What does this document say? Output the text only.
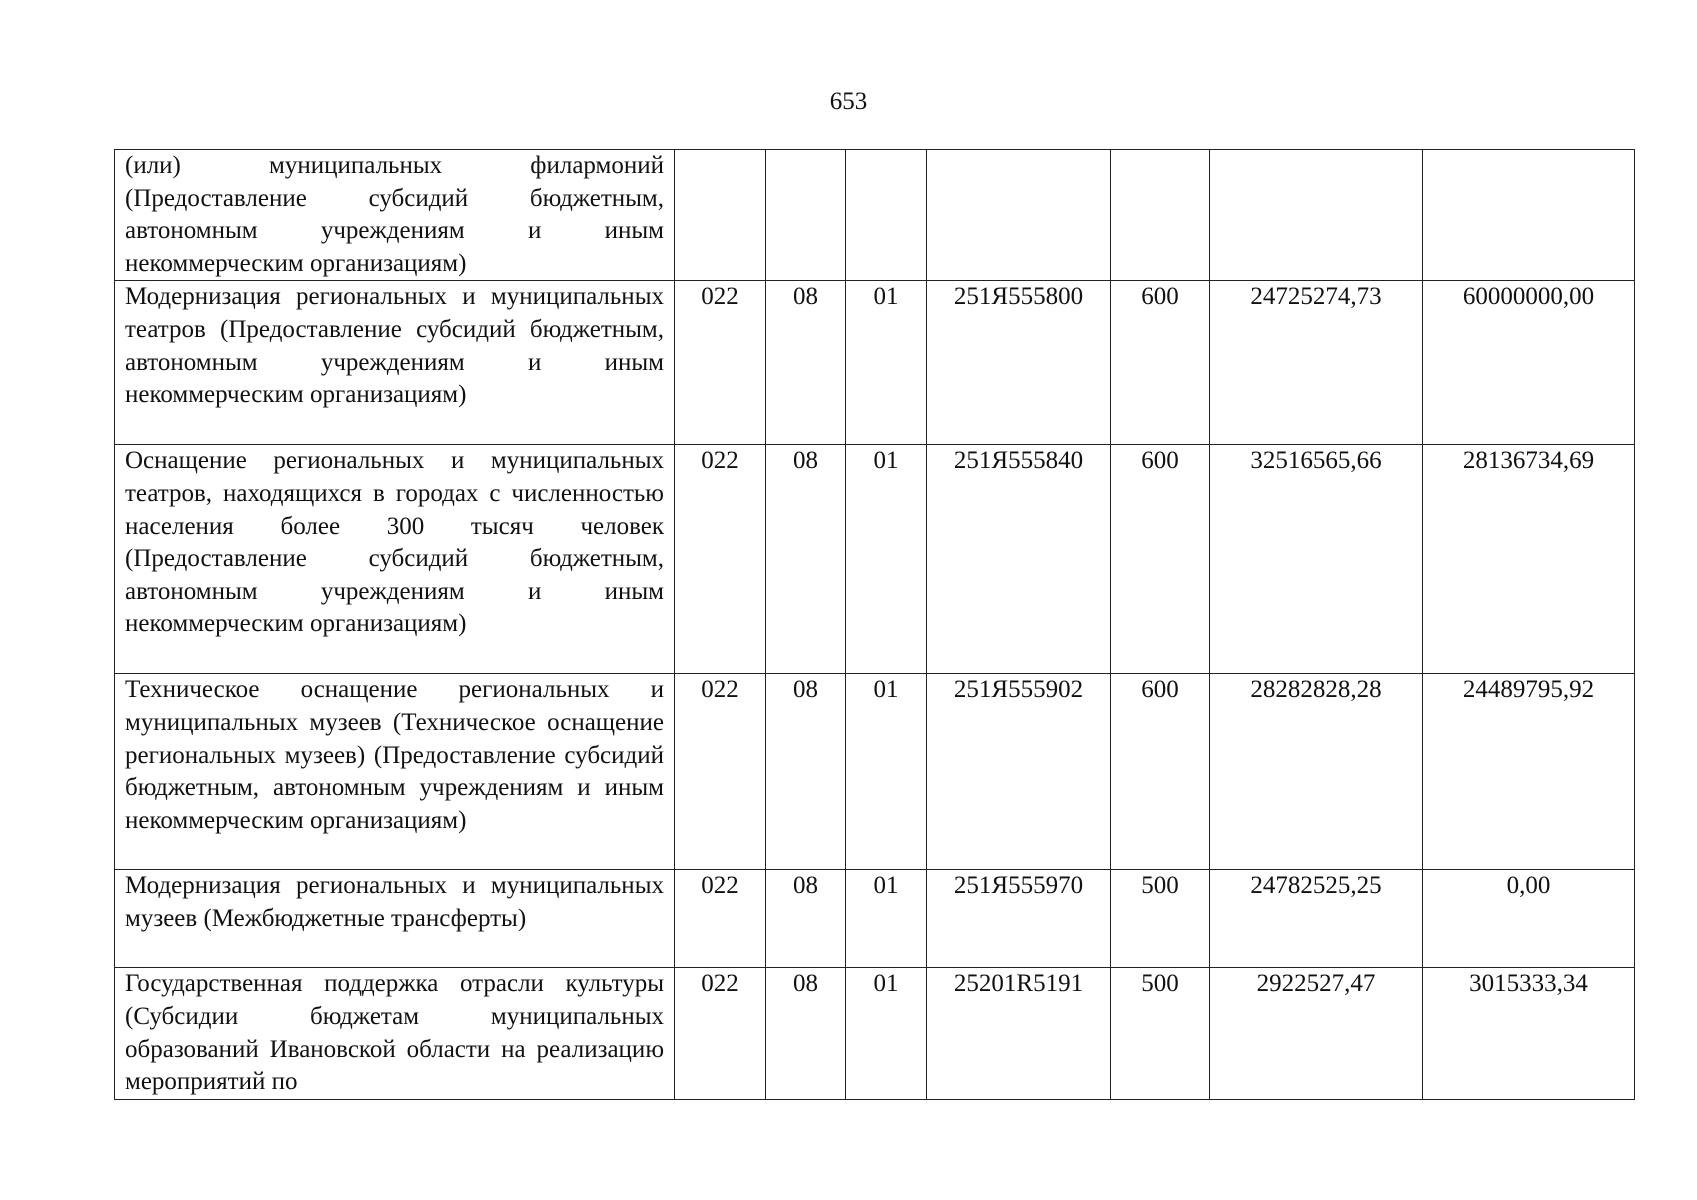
653
(или) муниципальных филармоний (Предоставление субсидий бюджетным, автономным учреждениям и иным некоммерческим организациям)							
Модернизация региональных и муниципальных театров (Предоставление субсидий бюджетным, автономным учреждениям и иным некоммерческим организациям)	022	08	01	251Я555800	600	24725274,73	60000000,00
Оснащение региональных и муниципальных театров, находящихся в городах с численностью населения более 300 тысяч человек (Предоставление субсидий бюджетным, автономным учреждениям и иным некоммерческим организациям)	022	08	01	251Я555840	600	32516565,66	28136734,69
Техническое оснащение региональных и муниципальных музеев (Техническое оснащение региональных музеев) (Предоставление субсидий бюджетным, автономным учреждениям и иным некоммерческим организациям)	022	08	01	251Я555902	600	28282828,28	24489795,92
Модернизация региональных и муниципальных музеев (Межбюджетные трансферты)	022	08	01	251Я555970	500	24782525,25	0,00
Государственная поддержка отрасли культуры (Субсидии бюджетам муниципальных образований Ивановской области на реализацию мероприятий по	022	08	01	25201R5191	500	2922527,47	3015333,34
